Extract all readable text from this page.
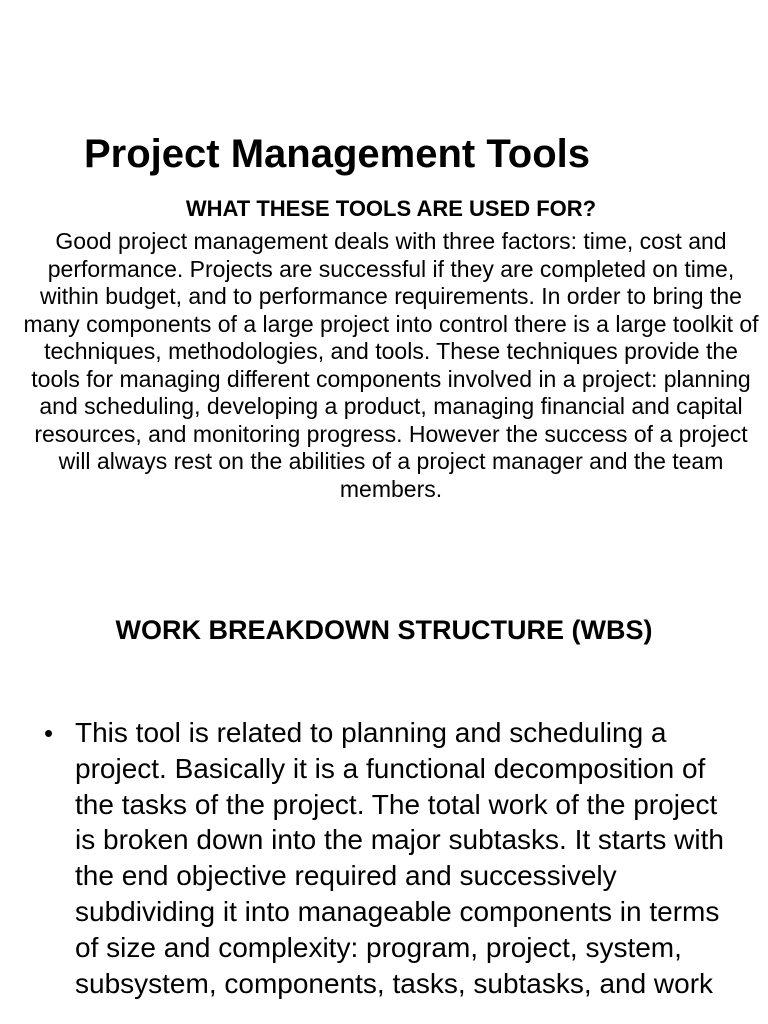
Project Management Tools
WHAT THESE TOOLS ARE USED FOR?

Good project management deals with three factors: time, cost and performance. Projects are successful if they are completed on time, within budget, and to performance requirements. In order to bring the many components of a large project into control there is a large toolkit of techniques, methodologies, and tools. These techniques provide the tools for managing different components involved in a project: planning and scheduling, developing a product, managing financial and capital resources, and monitoring progress. However the success of a project will always rest on the abilities of a project manager and the team members.

WORK BREAKDOWN STRUCTURE (WBS)
• This tool is related to planning and scheduling a project. Basically it is a functional decomposition of the tasks of the project. The total work of the project is broken down into the major subtasks. It starts with the end objective required and successively subdividing it into manageable components in terms of size and complexity: program, project, system, subsystem, components, tasks, subtasks, and work
